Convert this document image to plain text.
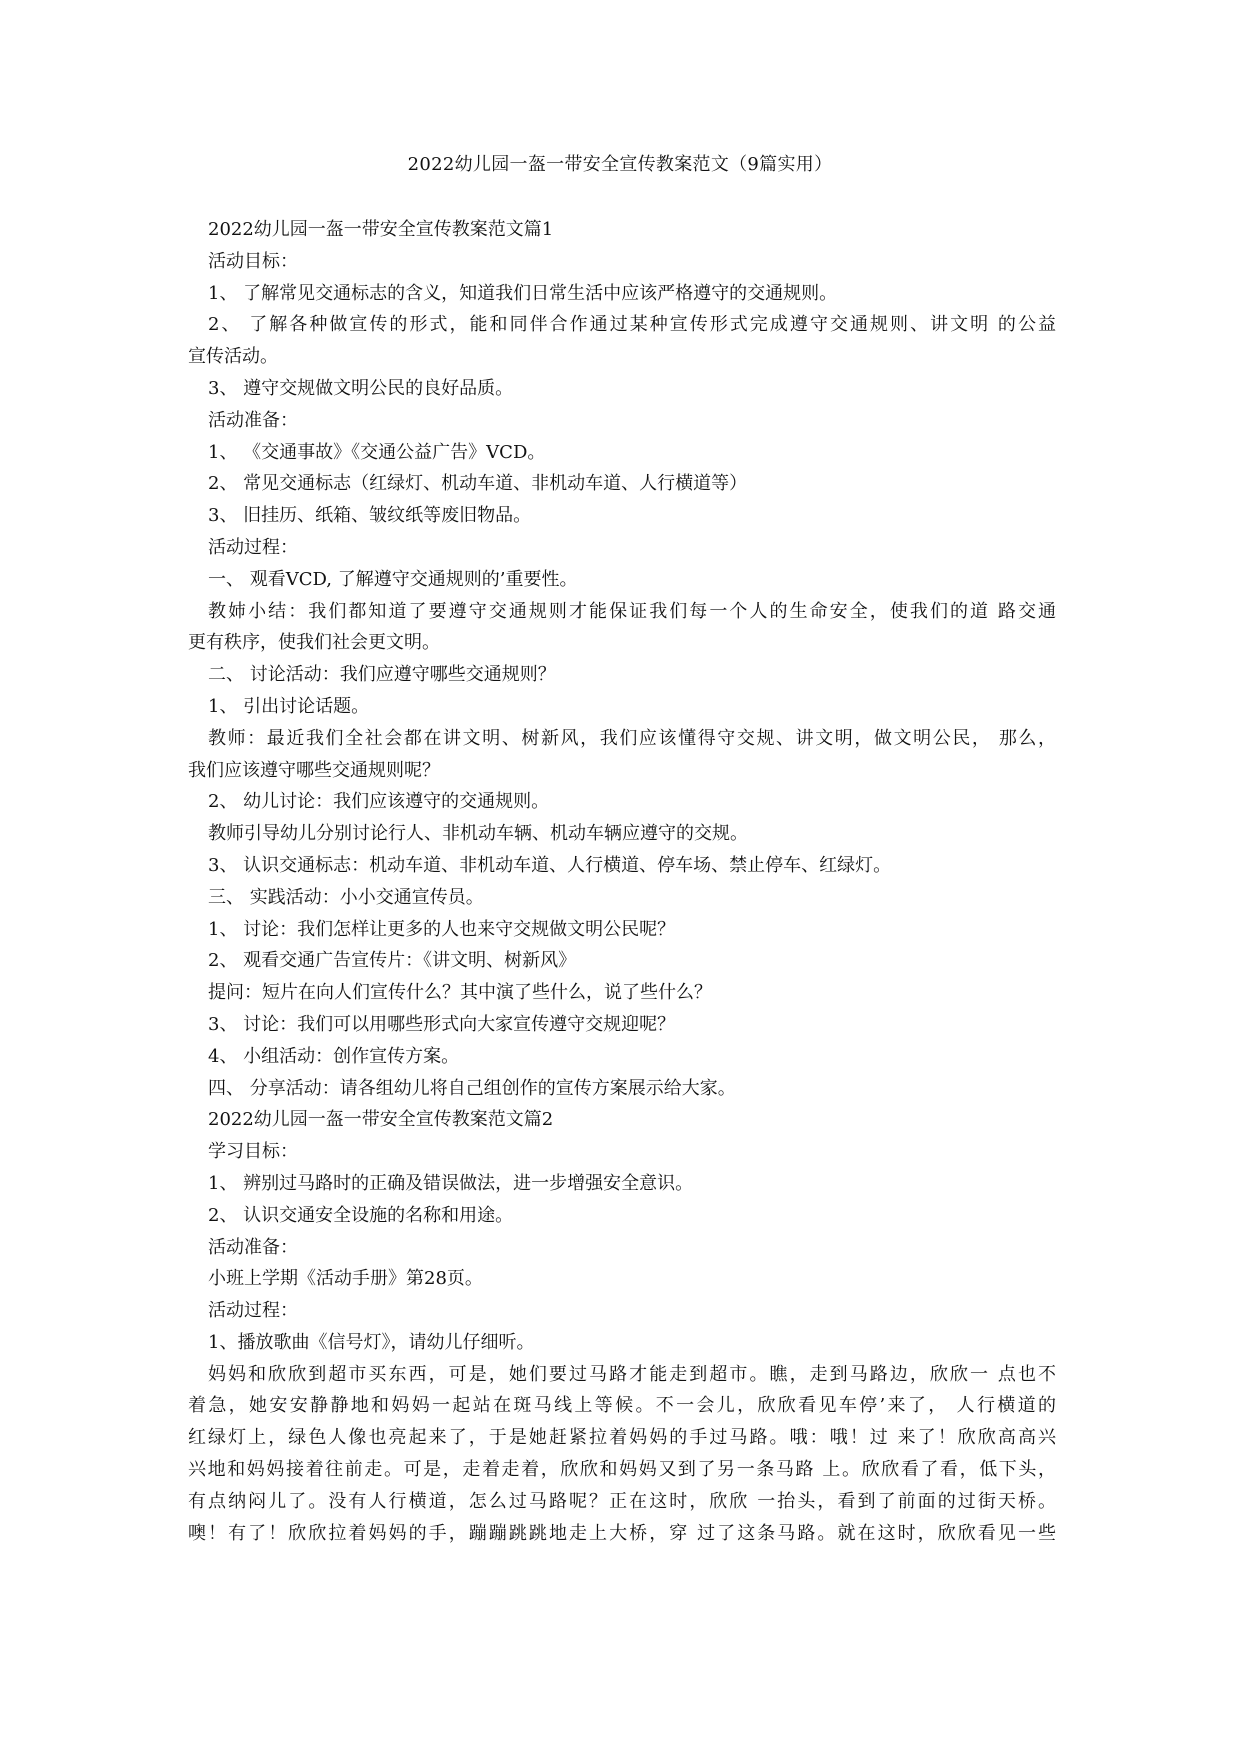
2022幼儿园一盔一带安全宣传教案范文（9篇实用）
2022幼儿园一盔一带安全宣传教案范文篇1
活动目标：
1、 了解常见交通标志的含义，知道我们日常生活中应该严格遵守的交通规则。
2、 了解各种做宣传的形式，能和同伴合作通过某种宣传形式完成遵守交通规则、讲文明 的公益
宣传活动。
3、 遵守交规做文明公民的良好品质。
活动准备：
1、 《交通事故》《交通公益广告》VCD。
2、 常见交通标志（红绿灯、机动车道、非机动车道、人行横道等）
3、 旧挂历、纸箱、皱纹纸等废旧物品。
活动过程：
一、 观看VCD, 了解遵守交通规则的’重要性。
教姉小结：我们都知道了要遵守交通规则才能保证我们每一个人的生命安全，使我们的道 路交通
更有秩序，使我们社会更文明。
二、 讨论活动：我们应遵守哪些交通规则？
1、 引出讨论话题。
教师：最近我们全社会都在讲文明、树新风，我们应该懂得守交规、讲文明，做文明公民， 那么，
我们应该遵守哪些交通规则呢？
2、 幼儿讨论：我们应该遵守的交通规则。
教师引导幼儿分别讨论行人、非机动车辆、机动车辆应遵守的交规。
3、 认识交通标志：机动车道、非机动车道、人行横道、停车场、禁止停车、红绿灯。
三、 实践活动：小小交通宣传员。
1、 讨论：我们怎样让更多的人也来守交规做文明公民呢？
2、 观看交通广告宣传片：《讲文明、树新风》
提问：短片在向人们宣传什么？其中演了些什么，说了些什么？
3、 讨论：我们可以用哪些形式向大家宣传遵守交规迎呢？
4、 小组活动：创作宣传方案。
四、 分享活动：请各组幼儿将自己组创作的宣传方案展示给大家。
2022幼儿园一盔一带安全宣传教案范文篇2
学习目标：
1、 辨别过马路时的正确及错误做法，进一步增强安全意识。
2、 认识交通安全设施的名称和用途。
活动准备：
小班上学期《活动手册》第28页。
活动过程：
1、播放歌曲《信号灯》，请幼儿仔细听。
妈妈和欣欣到超市买东西，可是，她们要过马路才能走到超市。瞧，走到马路边，欣欣一 点也不
着急，她安安静静地和妈妈一起站在斑马线上等候。不一会儿，欣欣看见车停’来了， 人行横道的
红绿灯上，绿色人像也亮起来了，于是她赶紧拉着妈妈的手过马路。哦：哦！过 来了！欣欣高高兴
兴地和妈妈接着往前走。可是，走着走着，欣欣和妈妈又到了另一条马路 上。欣欣看了看，低下头，
有点纳闷儿了。没有人行横道，怎么过马路呢？正在这时，欣欣 一抬头，看到了前面的过街天桥。
噢！有了！欣欣拉着妈妈的手，蹦蹦跳跳地走上大桥，穿 过了这条马路。就在这时，欣欣看见一些
